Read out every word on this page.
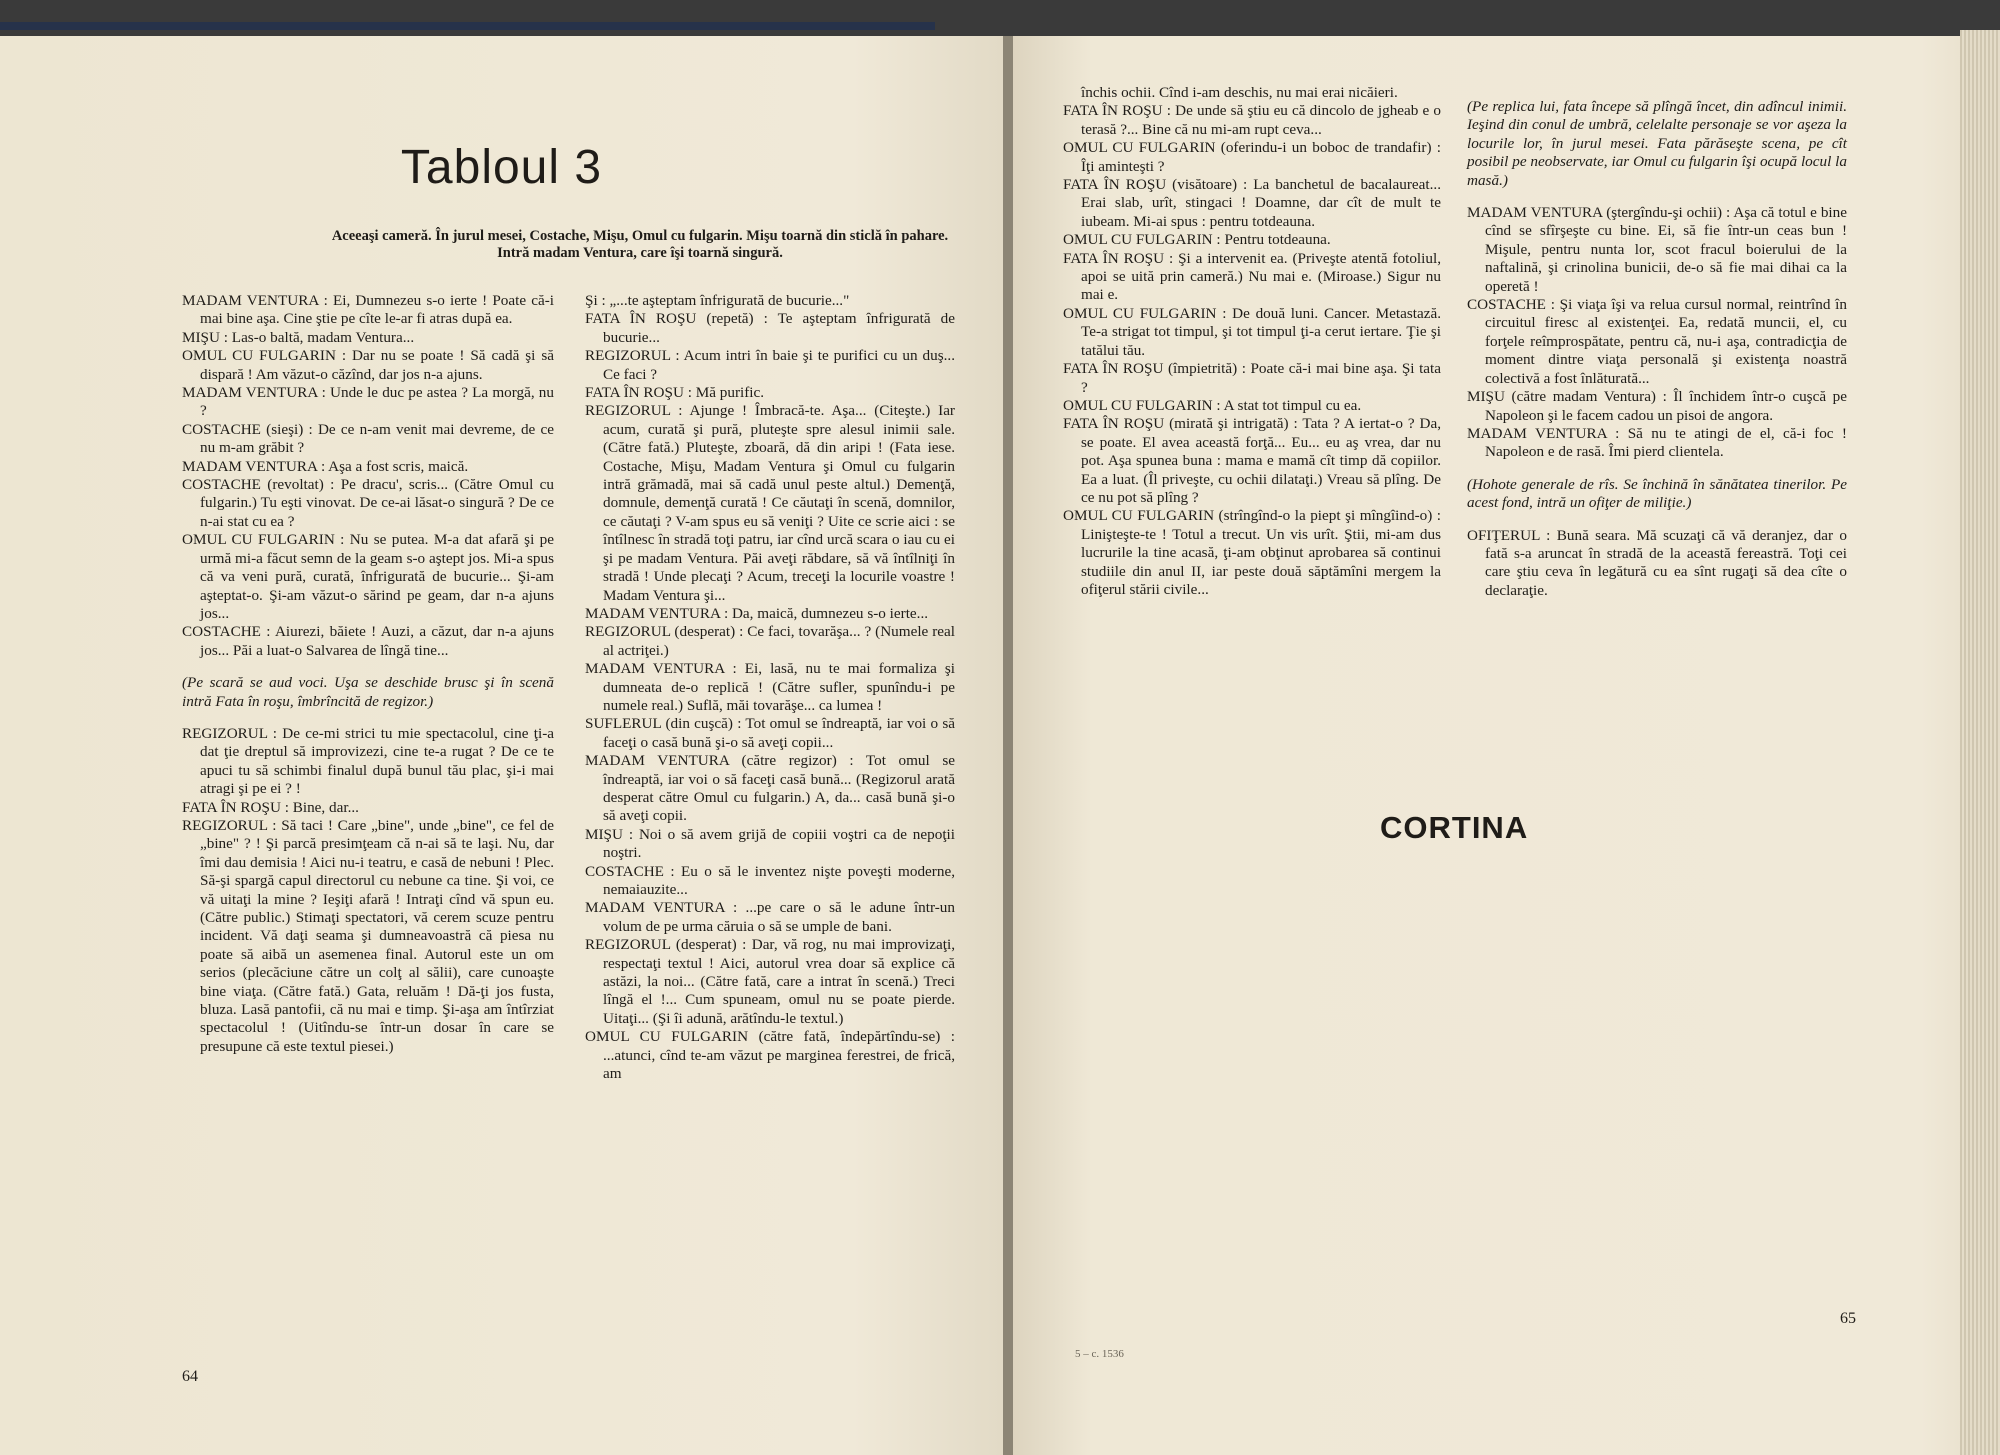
Tabloul 3

Aceeaşi cameră. În jurul mesei, Costache, Mişu, Omul cu fulgarin. Mişu toarnă din sticlă în pahare. Intră madam Ventura, care îşi toarnă singură.

MADAM VENTURA : Ei, Dumnezeu s-o ierte ! Poate că-i mai bine aşa. Cine ştie pe cîte le-ar fi atras după ea.

MIŞU : Las-o baltă, madam Ventura...

OMUL CU FULGARIN : Dar nu se poate ! Să cadă şi să dispară ! Am văzut-o căzînd, dar jos n-a ajuns.

MADAM VENTURA : Unde le duc pe astea ? La morgă, nu ?

COSTACHE (sieşi) : De ce n-am venit mai devreme, de ce nu m-am grăbit ?

MADAM VENTURA : Aşa a fost scris, maică.

COSTACHE (revoltat) : Pe dracu', scris... (Către Omul cu fulgarin.) Tu eşti vinovat. De ce-ai lăsat-o singură ? De ce n-ai stat cu ea ?

OMUL CU FULGARIN : Nu se putea. M-a dat afară şi pe urmă mi-a făcut semn de la geam s-o aştept jos. Mi-a spus că va veni pură, curată, înfrigurată de bucurie... Şi-am aşteptat-o. Şi-am văzut-o sărind pe geam, dar n-a ajuns jos...

COSTACHE : Aiurezi, băiete ! Auzi, a căzut, dar n-a ajuns jos... Păi a luat-o Salvarea de lîngă tine...

(Pe scară se aud voci. Uşa se deschide brusc şi în scenă intră Fata în roşu, îmbrîncită de regizor.)

REGIZORUL : De ce-mi strici tu mie spectacolul, cine ţi-a dat ţie dreptul să improvizezi, cine te-a rugat ? De ce te apuci tu să schimbi finalul după bunul tău plac, şi-i mai atragi şi pe ei ? !

FATA ÎN ROŞU : Bine, dar...

REGIZORUL : Să taci ! Care „bine", unde „bine", ce fel de „bine" ? ! Şi parcă presimţeam că n-ai să te laşi. Nu, dar îmi dau demisia ! Aici nu-i teatru, e casă de nebuni ! Plec. Să-şi spargă capul directorul cu nebune ca tine. Şi voi, ce vă uitaţi la mine ? Ieşiţi afară ! Intraţi cînd vă spun eu. (Către public.) Stimaţi spectatori, vă cerem scuze pentru incident. Vă daţi seama şi dumneavoastră că piesa nu poate să aibă un asemenea final. Autorul este un om serios (plecăciune către un colţ al sălii), care cunoaşte bine viaţa. (Către fată.) Gata, reluăm ! Dă-ţi jos fusta, bluza. Lasă pantofii, că nu mai e timp. Şi-aşa am întîrziat spectacolul ! (Uitîndu-se într-un dosar în care se presupune că este textul piesei.)

Şi : „...te aşteptam înfrigurată de bucurie..."

FATA ÎN ROŞU (repetă) : Te aşteptam înfrigurată de bucurie...

REGIZORUL : Acum intri în baie şi te purifici cu un duş... Ce faci ?

FATA ÎN ROŞU : Mă purific.

REGIZORUL : Ajunge ! Îmbracă-te. Aşa... (Citeşte.) Iar acum, curată şi pură, pluteşte spre alesul inimii sale. (Către fată.) Pluteşte, zboară, dă din aripi ! (Fata iese. Costache, Mişu, Madam Ventura şi Omul cu fulgarin intră grămadă, mai să cadă unul peste altul.) Demenţă, domnule, demenţă curată ! Ce căutaţi în scenă, domnilor, ce căutaţi ? V-am spus eu să veniţi ? Uite ce scrie aici : se întîlnesc în stradă toţi patru, iar cînd urcă scara o iau cu ei şi pe madam Ventura. Păi aveţi răbdare, să vă întîlniţi în stradă ! Unde plecaţi ? Acum, treceţi la locurile voastre ! Madam Ventura şi...

MADAM VENTURA : Da, maică, dumnezeu s-o ierte...

REGIZORUL (desperat) : Ce faci, tovarăşa... ? (Numele real al actriţei.)

MADAM VENTURA : Ei, lasă, nu te mai formaliza şi dumneata de-o replică ! (Către sufler, spunîndu-i pe numele real.) Suflă, măi tovarăşe... ca lumea !

SUFLERUL (din cuşcă) : Tot omul se îndreaptă, iar voi o să faceţi o casă bună şi-o să aveţi copii...

MADAM VENTURA (către regizor) : Tot omul se îndreaptă, iar voi o să faceţi casă bună... (Regizorul arată desperat către Omul cu fulgarin.) A, da... casă bună şi-o să aveţi copii.

MIŞU : Noi o să avem grijă de copiii voştri ca de nepoţii noştri.

COSTACHE : Eu o să le inventez nişte poveşti moderne, nemaiauzite...

MADAM VENTURA : ...pe care o să le adune într-un volum de pe urma căruia o să se umple de bani.

REGIZORUL (desperat) : Dar, vă rog, nu mai improvizaţi, respectaţi textul ! Aici, autorul vrea doar să explice că astăzi, la noi... (Către fată, care a intrat în scenă.) Treci lîngă el !... Cum spuneam, omul nu se poate pierde. Uitaţi... (Şi îi adună, arătîndu-le textul.)

OMUL CU FULGARIN (către fată, îndepărtîndu-se) : ...atunci, cînd te-am văzut pe marginea ferestrei, de frică, am

închis ochii. Cînd i-am deschis, nu mai erai nicăieri.

FATA ÎN ROŞU : De unde să ştiu eu că dincolo de jgheab e o terasă ?... Bine că nu mi-am rupt ceva...

OMUL CU FULGARIN (oferindu-i un boboc de trandafir) : Îţi aminteşti ?

FATA ÎN ROŞU (visătoare) : La banchetul de bacalaureat... Erai slab, urît, stingaci ! Doamne, dar cît de mult te iubeam. Mi-ai spus : pentru totdeauna.

OMUL CU FULGARIN : Pentru totdeauna.

FATA ÎN ROŞU : Şi a intervenit ea. (Priveşte atentă fotoliul, apoi se uită prin cameră.) Nu mai e. (Miroase.) Sigur nu mai e.

OMUL CU FULGARIN : De două luni. Cancer. Metastază. Te-a strigat tot timpul, şi tot timpul ţi-a cerut iertare. Ţie şi tatălui tău.

FATA ÎN ROŞU (împietrită) : Poate că-i mai bine aşa. Şi tata ?

OMUL CU FULGARIN : A stat tot timpul cu ea.

FATA ÎN ROŞU (mirată şi intrigată) : Tata ? A iertat-o ? Da, se poate. El avea această forţă... Eu... eu aş vrea, dar nu pot. Aşa spunea buna : mama e mamă cît timp dă copiilor. Ea a luat. (Îl priveşte, cu ochii dilataţi.) Vreau să plîng. De ce nu pot să plîng ?

OMUL CU FULGARIN (strîngînd-o la piept şi mîngîind-o) : Linişteşte-te ! Totul a trecut. Un vis urît. Ştii, mi-am dus lucrurile la tine acasă, ţi-am obţinut aprobarea să continui studiile din anul II, iar peste două săptămîni mergem la ofiţerul stării civile...

(Pe replica lui, fata începe să plîngă încet, din adîncul inimii. Ieşind din conul de umbră, celelalte personaje se vor aşeza la locurile lor, în jurul mesei. Fata părăseşte scena, pe cît posibil pe neobservate, iar Omul cu fulgarin îşi ocupă locul la masă.)

MADAM VENTURA (ştergîndu-şi ochii) : Aşa că totul e bine cînd se sfîrşeşte cu bine. Ei, să fie într-un ceas bun ! Mişule, pentru nunta lor, scot fracul boierului de la naftalină, şi crinolina bunicii, de-o să fie mai dihai ca la operetă !

COSTACHE : Şi viaţa îşi va relua cursul normal, reintrînd în circuitul firesc al existenţei. Ea, redată muncii, el, cu forţele reîmprospătate, pentru că, nu-i aşa, contradicţia de moment dintre viaţa personală şi existenţa noastră colectivă a fost înlăturată...

MIŞU (către madam Ventura) : Îl închidem într-o cuşcă pe Napoleon şi le facem cadou un pisoi de angora.

MADAM VENTURA : Să nu te atingi de el, că-i foc ! Napoleon e de rasă. Îmi pierd clientela.

(Hohote generale de rîs. Se închină în sănătatea tinerilor. Pe acest fond, intră un ofiţer de miliţie.)

OFIŢERUL : Bună seara. Mă scuzaţi că vă deranjez, dar o fată s-a aruncat în stradă de la această fereastră. Toţi cei care ştiu ceva în legătură cu ea sînt rugaţi să dea cîte o declaraţie.

CORTINA

64

65

5 – c. 1536
